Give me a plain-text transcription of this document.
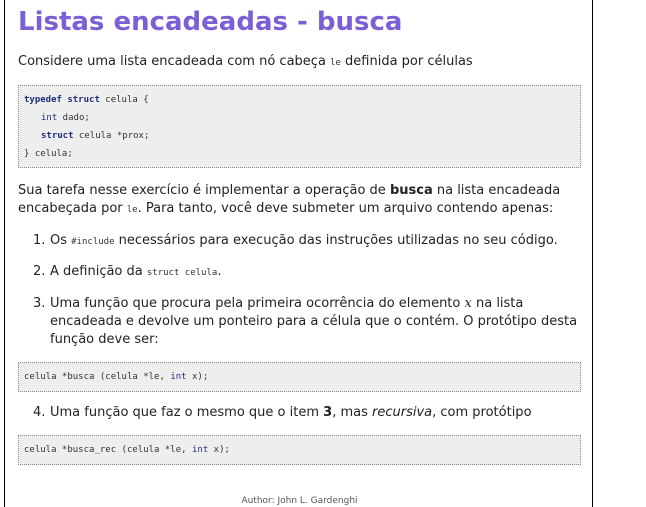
Listas encadeadas - busca

Considere uma lista encadeada com nó cabeça le definida por células

typedef struct celula {
int dado;
struct celula *prox;
} celula;

Sua tarefa nesse exercício é implementar a operação de busca na lista encadeada encabeçada por le. Para tanto, você deve submeter um arquivo contendo apenas:

1. Os #include necessários para execução das instruções utilizadas no seu código.
2. A definição da struct celula.
3. Uma função que procura pela primeira ocorrência do elemento x na lista encadeada e devolve um ponteiro para a célula que o contém. O protótipo desta função deve ser:
celula *busca (celula *le, int x);
4. Uma função que faz o mesmo que o item 3, mas recursiva, com protótipo
celula *busca_rec (celula *le, int x);
Author: John L. Gardenghi
